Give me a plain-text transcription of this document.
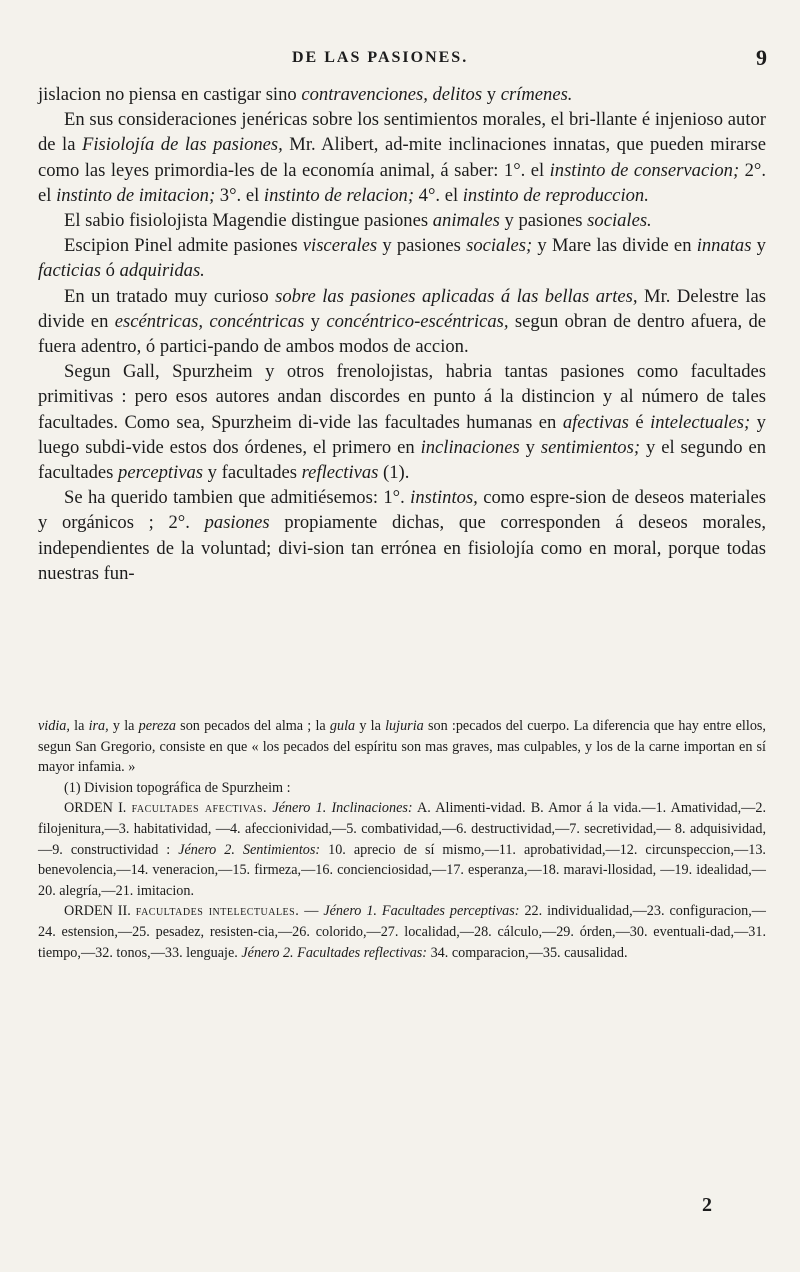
DE LAS PASIONES.	9

jislacion no piensa en castigar sino contravenciones, delitos y crímenes.

En sus consideraciones jenéricas sobre los sentimientos morales, el bri-llante é injenioso autor de la Fisiolojía de las pasiones, Mr. Alibert, ad-mite inclinaciones innatas, que pueden mirarse como las leyes primordia-les de la economía animal, á saber: 1°. el instinto de conservacion; 2°. el instinto de imitacion; 3°. el instinto de relacion; 4°. el instinto de reproduccion.

El sabio fisiolojista Magendie distingue pasiones animales y pasiones sociales.

Escipion Pinel admite pasiones viscerales y pasiones sociales; y Mare las divide en innatas y facticias ó adquiridas.

En un tratado muy curioso sobre las pasiones aplicadas á las bellas artes, Mr. Delestre las divide en escéntricas, concéntricas y concéntrico-escéntricas, segun obran de dentro afuera, de fuera adentro, ó partici-pando de ambos modos de accion.

Segun Gall, Spurzheim y otros frenolojistas, habria tantas pasiones como facultades primitivas : pero esos autores andan discordes en punto á la distincion y al número de tales facultades. Como sea, Spurzheim di-vide las facultades humanas en afectivas é intelectuales; y luego subdi-vide estos dos órdenes, el primero en inclinaciones y sentimientos; y el segundo en facultades perceptivas y facultades reflectivas (1).

Se ha querido tambien que admitiésemos: 1°. instintos, como espre-sion de deseos materiales y orgánicos ; 2°. pasiones propiamente dichas, que corresponden á deseos morales, independientes de la voluntad; divi-sion tan errónea en fisiolojía como en moral, porque todas nuestras fun-

vidia, la ira, y la pereza son pecados del alma ; la gula y la lujuria son :pecados del cuerpo. La diferencia que hay entre ellos, segun San Gregorio, consiste en que « los pecados del espíritu son mas graves, mas culpables, y los de la carne importan en sí mayor infamia. »

(1) Division topográfica de Spurzheim :

ORDEN I. facultades afectivas. Jénero 1. Inclinaciones: A. Alimenti-vidad. B. Amor á la vida.—1. Amatividad,—2. filojenitura,—3. habitatividad, —4. afeccionividad,—5. combatividad,—6. destructividad,—7. secretividad,— 8. adquisividad,—9. constructividad : Jénero 2. Sentimientos: 10. aprecio de sí mismo,—11. aprobatividad,—12. circunspeccion,—13. benevolencia,—14. veneracion,—15. firmeza,—16. concienciosidad,—17. esperanza,—18. maravi-llosidad, —19. idealidad,—20. alegría,—21. imitacion.

ORDEN II. facultades intelectuales. — Jénero 1. Facultades perceptivas: 22. individualidad,—23. configuracion,—24. estension,—25. pesadez, resisten-cia,—26. colorido,—27. localidad,—28. cálculo,—29. órden,—30. eventuali-dad,—31. tiempo,—32. tonos,—33. lenguaje. Jénero 2. Facultades reflectivas: 34. comparacion,—35. causalidad.

2
